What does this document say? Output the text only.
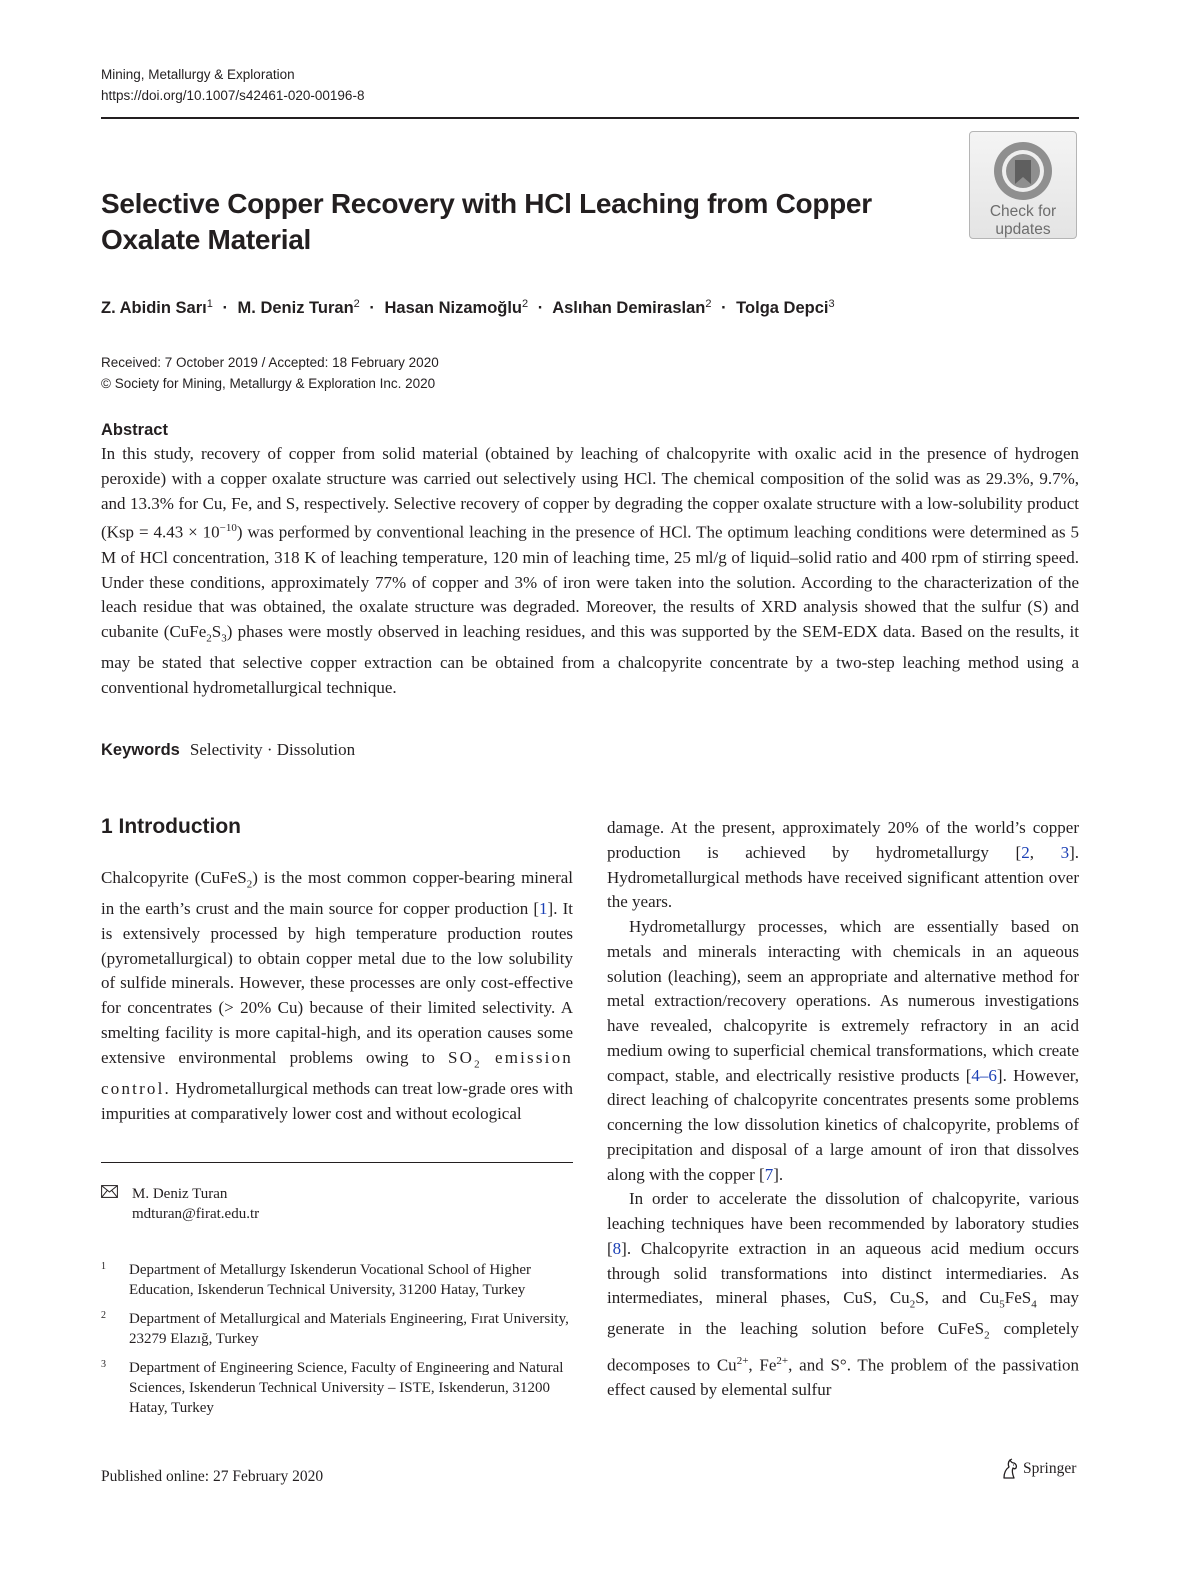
Mining, Metallurgy & Exploration
https://doi.org/10.1007/s42461-020-00196-8
Check for
updates
Selective Copper Recovery with HCl Leaching from Copper Oxalate Material
Z. Abidin Sarı$^1$ · M. Deniz Turan$^2$ · Hasan Nizamoğlu$^2$ · Aslıhan Demiraslan$^2$ · Tolga Depci$^3$
Received: 7 October 2019 / Accepted: 18 February 2020
© Society for Mining, Metallurgy & Exploration Inc. 2020
Abstract

In this study, recovery of copper from solid material (obtained by leaching of chalcopyrite with oxalic acid in the presence of hydrogen peroxide) with a copper oxalate structure was carried out selectively using HCl. The chemical composition of the solid was as 29.3%, 9.7%, and 13.3% for Cu, Fe, and S, respectively. Selective recovery of copper by degrading the copper oxalate structure with a low-solubility product $(Ksp = 4.43 \times 10^{-10})$ was performed by conventional leaching in the presence of HCl. The optimum leaching conditions were determined as 5 M of HCl concentration, 318 K of leaching temperature, 120 min of leaching time, 25 ml/g of liquid–solid ratio and 400 rpm of stirring speed. Under these conditions, approximately 77% of copper and 3% of iron were taken into the solution. According to the characterization of the leach residue that was obtained, the oxalate structure was degraded. Moreover, the results of XRD analysis showed that the sulfur (S) and cubanite $(CuFe_2S_3)$ phases were mostly observed in leaching residues, and this was supported by the SEM-EDX data. Based on the results, it may be stated that selective copper extraction can be obtained from a chalcopyrite concentrate by a two-step leaching method using a conventional hydrometallurgical technique.

Keywords Selectivity · Dissolution
1 Introduction

Chalcopyrite (CuFeS$_2$) is the most common copper-bearing mineral in the earth’s crust and the main source for copper production [1]. It is extensively processed by high temperature production routes (pyrometallurgical) to obtain copper metal due to the low solubility of sulfide minerals. However, these processes are only cost-effective for concentrates (> 20% Cu) because of their limited selectivity. A smelting facility is more capital-high, and its operation causes some extensive environmental problems owing to $SO_2$ emission control. Hydrometallurgical methods can treat low-grade ores with impurities at comparatively lower cost and without ecological

damage. At the present, approximately 20% of the world’s copper production is achieved by hydrometallurgy [2, 3]. Hydrometallurgical methods have received significant attention over the years.

Hydrometallurgy processes, which are essentially based on metals and minerals interacting with chemicals in an aqueous solution (leaching), seem an appropriate and alternative method for metal extraction/recovery operations. As numerous investigations have revealed, chalcopyrite is extremely refractory in an acid medium owing to superficial chemical transformations, which create compact, stable, and electrically resistive products [4–6]. However, direct leaching of chalcopyrite concentrates presents some problems concerning the low dissolution kinetics of chalcopyrite, problems of precipitation and disposal of a large amount of iron that dissolves along with the copper [7].

In order to accelerate the dissolution of chalcopyrite, various leaching techniques have been recommended by laboratory studies [8]. Chalcopyrite extraction in an aqueous acid medium occurs through solid transformations into distinct intermediaries. As intermediates, mineral phases, CuS, $Cu_2S$, and $Cu_5FeS_4$ may generate in the leaching solution before CuFeS$_2$ completely decomposes to $Cu^{2+}$, $Fe^{2+}$, and S°. The problem of the passivation effect caused by elemental sulfur

M. Deniz Turan
mdturan@firat.edu.tr
1 Department of Metallurgy Iskenderun Vocational School of Higher Education, Iskenderun Technical University, 31200 Hatay, Turkey
2 Department of Metallurgical and Materials Engineering, Fırat University, 23279 Elazığ, Turkey
3 Department of Engineering Science, Faculty of Engineering and Natural Sciences, Iskenderun Technical University – ISTE, Iskenderun, 31200 Hatay, Turkey
Published online: 27 February 2020	Springer
